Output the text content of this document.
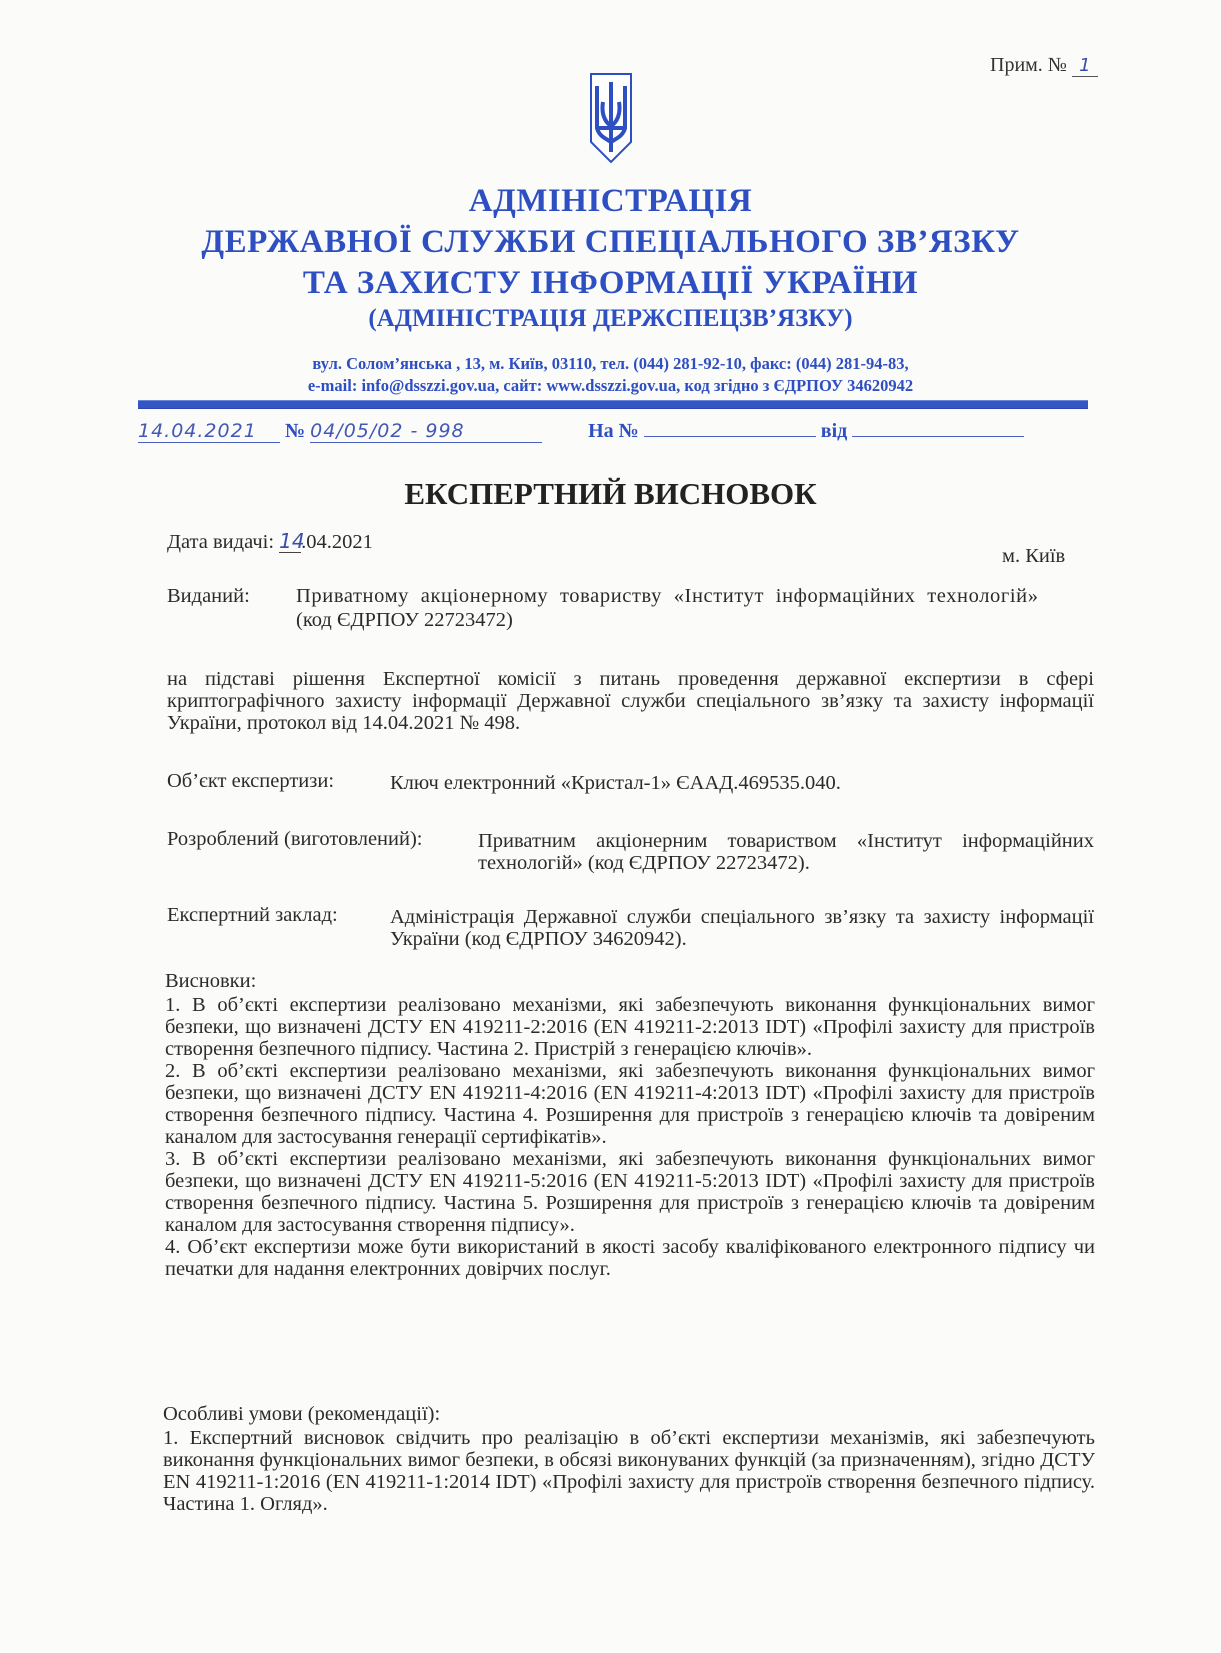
Прим. № 1
АДМІНІСТРАЦІЯ
ДЕРЖАВНОЇ СЛУЖБИ СПЕЦІАЛЬНОГО ЗВ’ЯЗКУ
ТА ЗАХИСТУ ІНФОРМАЦІЇ УКРАЇНИ
(АДМІНІСТРАЦІЯ ДЕРЖСПЕЦЗВ’ЯЗКУ)
вул. Солом’янська , 13, м. Київ, 03110, тел. (044) 281-92-10, факс: (044) 281-94-83,
e-mail: info@dsszzi.gov.ua, сайт: www.dsszzi.gov.ua, код згідно з ЄДРПОУ 34620942
14.04.2021 № 04/05/02 - 998	На №	від
ЕКСПЕРТНИЙ ВИСНОВОК
Дата видачі: 14.04.2021
м. Київ
Виданий: Приватному акціонерному товариству «Інститут інформаційних технологій»
(код ЄДРПОУ 22723472)
на підставі рішення Експертної комісії з питань проведення державної експертизи в сфері криптографічного захисту інформації Державної служби спеціального зв’язку та захисту інформації України, протокол від 14.04.2021 № 498.
Об’єкт експертизи:	Ключ електронний «Кристал-1» ЄААД.469535.040.
Розроблений (виготовлений):	Приватним акціонерним товариством «Інститут інформаційних технологій» (код ЄДРПОУ 22723472).
Експертний заклад:	Адміністрація Державної служби спеціального зв’язку та захисту інформації України (код ЄДРПОУ 34620942).
Висновки:
1. В об’єкті експертизи реалізовано механізми, які забезпечують виконання функціональних вимог безпеки, що визначені ДСТУ EN 419211-2:2016 (EN 419211-2:2013 IDT) «Профілі захисту для пристроїв створення безпечного підпису. Частина 2. Пристрій з генерацією ключів».
2. В об’єкті експертизи реалізовано механізми, які забезпечують виконання функціональних вимог безпеки, що визначені ДСТУ EN 419211-4:2016 (EN 419211-4:2013 IDT) «Профілі захисту для пристроїв створення безпечного підпису. Частина 4. Розширення для пристроїв з генерацією ключів та довіреним каналом для застосування генерації сертифікатів».
3. В об’єкті експертизи реалізовано механізми, які забезпечують виконання функціональних вимог безпеки, що визначені ДСТУ EN 419211-5:2016 (EN 419211-5:2013 IDT) «Профілі захисту для пристроїв створення безпечного підпису. Частина 5. Розширення для пристроїв з генерацією ключів та довіреним каналом для застосування створення підпису».
4. Об’єкт експертизи може бути використаний в якості засобу кваліфікованого електронного підпису чи печатки для надання електронних довірчих послуг.
Особливі умови (рекомендації):
1. Експертний висновок свідчить про реалізацію в об’єкті експертизи механізмів, які забезпечують виконання функціональних вимог безпеки, в обсязі виконуваних функцій (за призначенням), згідно ДСТУ EN 419211-1:2016 (EN 419211-1:2014 IDT) «Профілі захисту для пристроїв створення безпечного підпису. Частина 1. Огляд».
